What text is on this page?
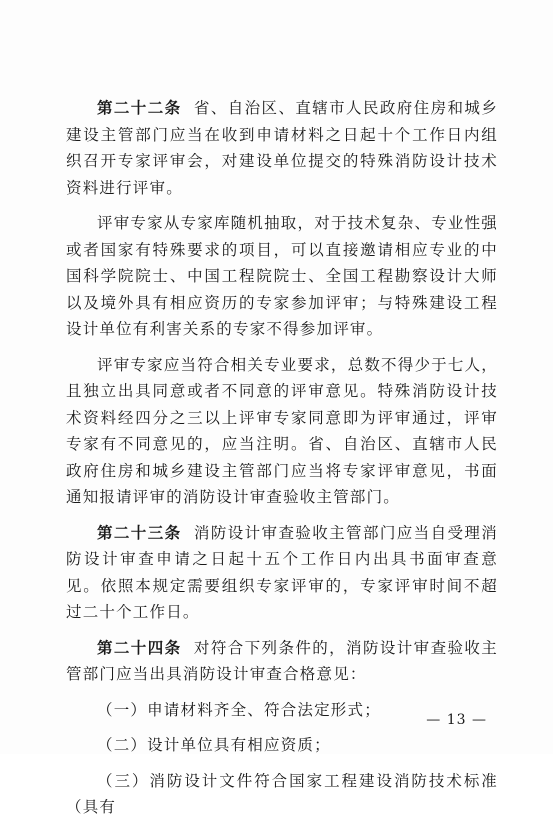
第二十二条 省、自治区、直辖市人民政府住房和城乡建设主管部门应当在收到申请材料之日起十个工作日内组织召开专家评审会，对建设单位提交的特殊消防设计技术资料进行评审。

评审专家从专家库随机抽取，对于技术复杂、专业性强或者国家有特殊要求的项目，可以直接邀请相应专业的中国科学院院士、中国工程院院士、全国工程勘察设计大师以及境外具有相应资历的专家参加评审；与特殊建设工程设计单位有利害关系的专家不得参加评审。

评审专家应当符合相关专业要求，总数不得少于七人，且独立出具同意或者不同意的评审意见。特殊消防设计技术资料经四分之三以上评审专家同意即为评审通过，评审专家有不同意见的，应当注明。省、自治区、直辖市人民政府住房和城乡建设主管部门应当将专家评审意见，书面通知报请评审的消防设计审查验收主管部门。

第二十三条 消防设计审查验收主管部门应当自受理消防设计审查申请之日起十五个工作日内出具书面审查意见。依照本规定需要组织专家评审的，专家评审时间不超过二十个工作日。

第二十四条 对符合下列条件的，消防设计审查验收主管部门应当出具消防设计审查合格意见：

（一）申请材料齐全、符合法定形式；

（二）设计单位具有相应资质；

（三）消防设计文件符合国家工程建设消防技术标准（具有

— 13 —
